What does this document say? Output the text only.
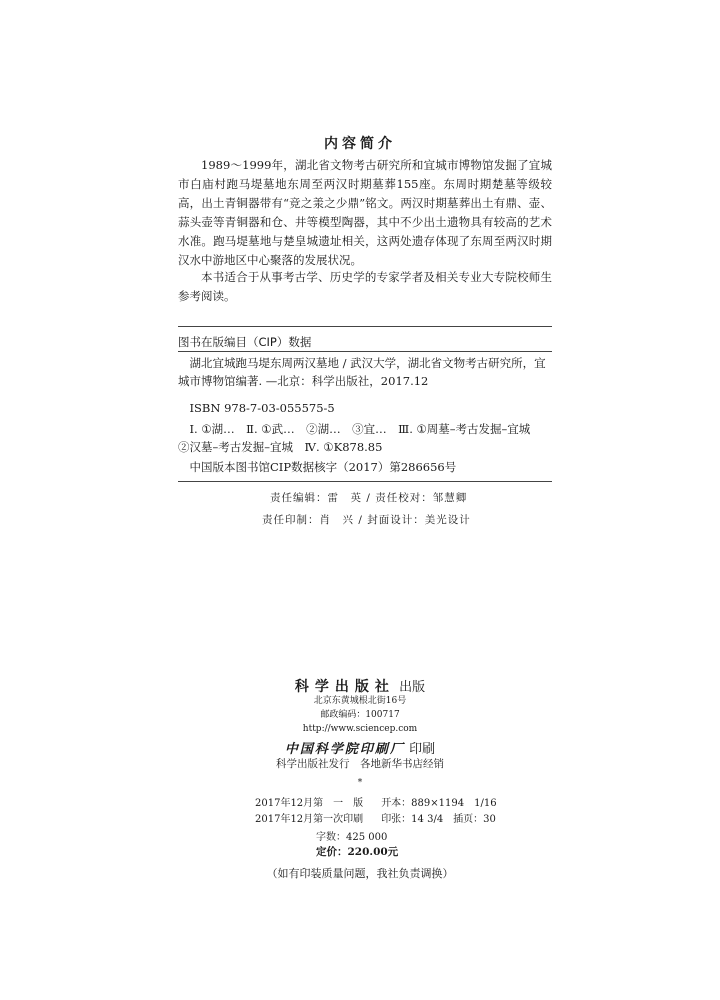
内容简介
1989～1999年，湖北省文物考古研究所和宜城市博物馆发掘了宜城市白庙村跑马堤墓地东周至两汉时期墓葬155座。东周时期楚墓等级较高，出土青铜器带有“竞之羕之少鼎”铭文。两汉时期墓葬出土有鼎、壶、蒜头壶等青铜器和仓、井等模型陶器，其中不少出土遗物具有较高的艺术水准。跑马堤墓地与楚皇城遗址相关，这两处遗存体现了东周至两汉时期汉水中游地区中心聚落的发展状况。
本书适合于从事考古学、历史学的专家学者及相关专业大专院校师生参考阅读。
图书在版编目（CIP）数据
湖北宜城跑马堤东周两汉墓地 / 武汉大学，湖北省文物考古研究所，宜城市博物馆编著. —北京：科学出版社，2017.12
ISBN 978-7-03-055575-5
Ⅰ. ①湖…　Ⅱ. ①武…　②湖…　③宜…　Ⅲ. ①周墓–考古发掘–宜城　②汉墓–考古发掘–宜城　Ⅳ. ①K878.85
中国版本图书馆CIP数据核字（2017）第286656号
责任编辑：雷　英 / 责任校对：邹慧卿
责任印制：肖　兴 / 封面设计：美光设计
科学出版社 出版
北京东黄城根北街16号
邮政编码：100717
http://www.sciencep.com
中国科学院印刷厂 印刷
科学出版社发行　各地新华书店经销
*
2017年12月第　一　版 开本：889×1194　1/16
2017年12月第一次印刷 印张：14 3/4　插页：30
字数：425 000
定价：220.00元
（如有印装质量问题，我社负责调换）
